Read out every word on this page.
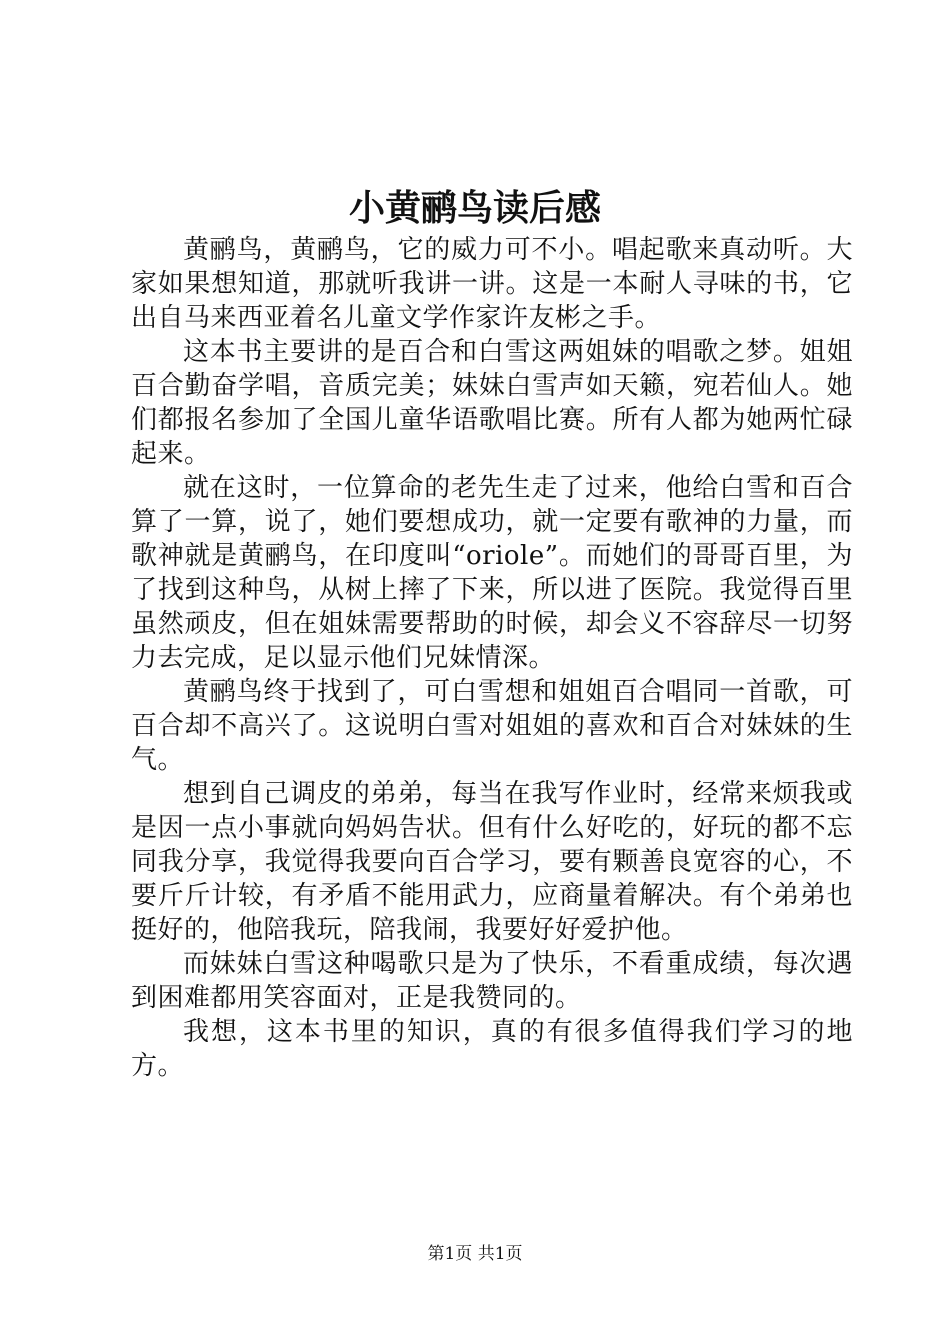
小黄鹂鸟读后感

黄鹂鸟，黄鹂鸟，它的威力可不小。唱起歌来真动听。大家如果想知道，那就听我讲一讲。这是一本耐人寻味的书，它出自马来西亚着名儿童文学作家许友彬之手。

这本书主要讲的是百合和白雪这两姐妹的唱歌之梦。姐姐百合勤奋学唱，音质完美；妹妹白雪声如天籁，宛若仙人。她们都报名参加了全国儿童华语歌唱比赛。所有人都为她两忙碌起来。

就在这时，一位算命的老先生走了过来，他给白雪和百合算了一算，说了，她们要想成功，就一定要有歌神的力量，而歌神就是黄鹂鸟，在印度叫“oriole”。而她们的哥哥百里，为了找到这种鸟，从树上摔了下来，所以进了医院。我觉得百里虽然顽皮，但在姐妹需要帮助的时候，却会义不容辞尽一切努力去完成，足以显示他们兄妹情深。

黄鹂鸟终于找到了，可白雪想和姐姐百合唱同一首歌，可百合却不高兴了。这说明白雪对姐姐的喜欢和百合对妹妹的生气。

想到自己调皮的弟弟，每当在我写作业时，经常来烦我或是因一点小事就向妈妈告状。但有什么好吃的，好玩的都不忘同我分享，我觉得我要向百合学习，要有颗善良宽容的心，不要斤斤计较，有矛盾不能用武力，应商量着解决。有个弟弟也挺好的，他陪我玩，陪我闹，我要好好爱护他。

而妹妹白雪这种喝歌只是为了快乐，不看重成绩，每次遇到困难都用笑容面对，正是我赞同的。

我想，这本书里的知识，真的有很多值得我们学习的地方。

第1页 共1页
